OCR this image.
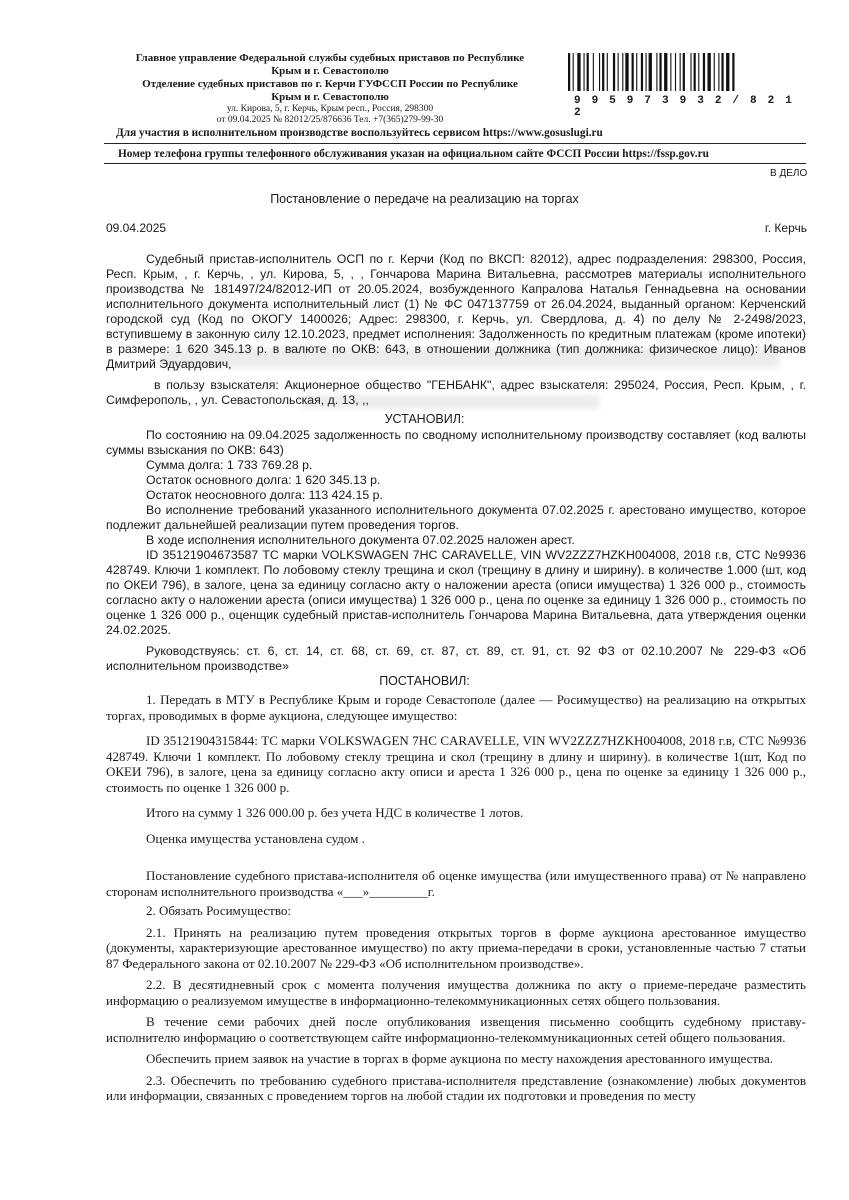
Главное управление Федеральной службы судебных приставов по Республике
Крым и г. Севастополю
Отделение судебных приставов по г. Керчи ГУФССП России по Республике
Крым и г. Севастополю
ул. Кирова, 5, г. Керчь, Крым респ., Россия, 298300
от 09.04.2025 № 82012/25/876636 Тел. +7(365)279-99-30
9 9 5 9 7 3 9 3 2 / 8 2 1 2
Для участия в исполнительном производстве воспользуйтесь сервисом https://www.gosuslugi.ru
Номер телефона группы телефонного обслуживания указан на официальном сайте ФССП России https://fssp.gov.ru
В ДЕЛО
Постановление о передаче на реализацию на торгах
09.04.2025	г. Керчь

Судебный пристав-исполнитель ОСП по г. Керчи (Код по ВКСП: 82012), адрес подразделения: 298300, Россия, Респ. Крым, , г. Керчь, , ул. Кирова, 5, , , Гончарова Марина Витальевна, рассмотрев материалы исполнительного производства № 181497/24/82012-ИП от 20.05.2024, возбужденного Капралова Наталья Геннадьевна на основании исполнительного документа исполнительный лист (1) № ФС 047137759 от 26.04.2024, выданный органом: Керченский городской суд (Код по ОКОГУ 1400026; Адрес: 298300, г. Керчь, ул. Свердлова, д. 4) по делу № 2-2498/2023, вступившему в законную силу 12.10.2023, предмет исполнения: Задолженность по кредитным платежам (кроме ипотеки) в размере: 1 620 345.13 р. в валюте по ОКВ: 643, в отношении должника (тип должника: физическое лицо): Иванов Дмитрий Эдуардович,

в пользу взыскателя: Акционерное общество "ГЕНБАНК", адрес взыскателя: 295024, Россия, Респ. Крым, , г. Симферополь, , ул. Севастопольская, д. 13, ,,

УСТАНОВИЛ:

По состоянию на 09.04.2025 задолженность по сводному исполнительному производству составляет (код валюты суммы взыскания по ОКВ: 643)

Сумма долга: 1 733 769.28 р.

Остаток основного долга: 1 620 345.13 р.

Остаток неосновного долга: 113 424.15 р.

Во исполнение требований указанного исполнительного документа 07.02.2025 г. арестовано имущество, которое подлежит дальнейшей реализации путем проведения торгов.

В ходе исполнения исполнительного документа 07.02.2025 наложен арест.

ID 35121904673587 ТС марки VOLKSWAGEN 7HC CARAVELLE, VIN WV2ZZZ7HZKH004008, 2018 г.в, СТС №9936 428749. Ключи 1 комплект. По лобовому стеклу трещина и скол (трещину в длину и ширину). в количестве 1.000 (шт, код по ОКЕИ 796), в залоге, цена за единицу согласно акту о наложении ареста (описи имущества) 1 326 000 р., стоимость согласно акту о наложении ареста (описи имущества) 1 326 000 р., цена по оценке за единицу 1 326 000 р., стоимость по оценке 1 326 000 р., оценщик судебный пристав-исполнитель Гончарова Марина Витальевна, дата утверждения оценки 24.02.2025.

Руководствуясь: ст. 6, ст. 14, ст. 68, ст. 69, ст. 87, ст. 89, ст. 91, ст. 92 ФЗ от 02.10.2007 № 229-ФЗ «Об исполнительном производстве»

ПОСТАНОВИЛ:

1. Передать в МТУ в Республике Крым и городе Севастополе (далее — Росимущество) на реализацию на открытых торгах, проводимых в форме аукциона, следующее имущество:

ID 35121904315844: ТС марки VOLKSWAGEN 7HC CARAVELLE, VIN WV2ZZZ7HZKH004008, 2018 г.в, СТС №9936 428749. Ключи 1 комплект. По лобовому стеклу трещина и скол (трещину в длину и ширину). в количестве 1(шт, Код по ОКЕИ 796), в залоге, цена за единицу согласно акту описи и ареста 1 326 000 р., цена по оценке за единицу 1 326 000 р., стоимость по оценке 1 326 000 р.

Итого на сумму 1 326 000.00 р. без учета НДС в количестве 1 лотов.

Оценка имущества установлена судом .

Постановление судебного пристава-исполнителя об оценке имущества (или имущественного права) от № направлено сторонам исполнительного производства «___»_________г.

2. Обязать Росимущество:

2.1. Принять на реализацию путем проведения открытых торгов в форме аукциона арестованное имущество (документы, характеризующие арестованное имущество) по акту приема-передачи в сроки, установленные частью 7 статьи 87 Федерального закона от 02.10.2007 № 229-ФЗ «Об исполнительном производстве».

2.2. В десятидневный срок с момента получения имущества должника по акту о приеме-передаче разместить информацию о реализуемом имуществе в информационно-телекоммуникационных сетях общего пользования.

В течение семи рабочих дней после опубликования извещения письменно сообщить судебному приставу-исполнителю информацию о соответствующем сайте информационно-телекоммуникационных сетей общего пользования.

Обеспечить прием заявок на участие в торгах в форме аукциона по месту нахождения арестованного имущества.

2.3. Обеспечить по требованию судебного пристава-исполнителя представление (ознакомление) любых документов или информации, связанных с проведением торгов на любой стадии их подготовки и проведения по месту
